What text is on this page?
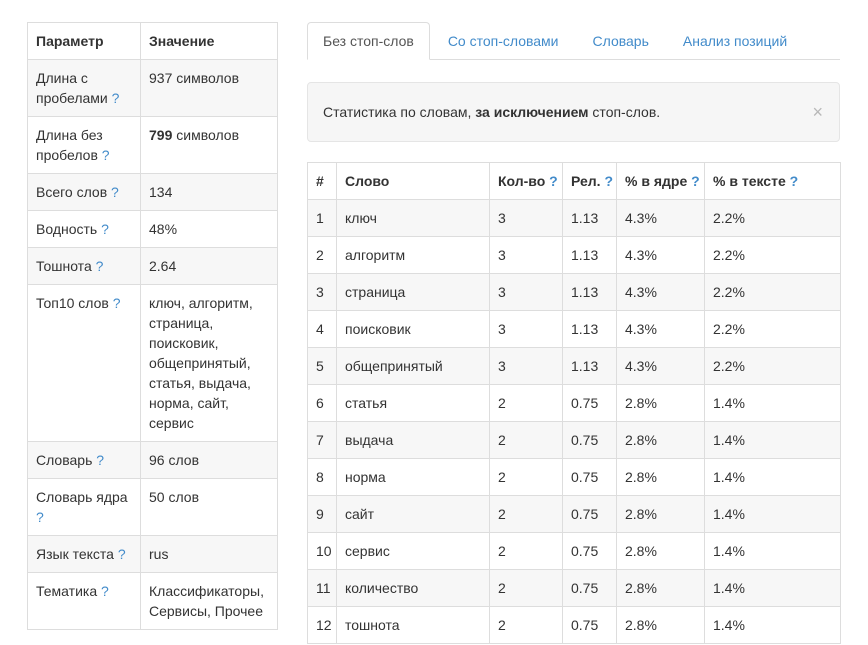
Параметр	Значение
Длина с пробелами ?	937 символов
Длина без пробелов ?	799 символов
Всего слов ?	134
Водность ?	48%
Тошнота ?	2.64
Топ10 слов ?	ключ, алгоритм, страница, поисковик, общепринятый, статья, выдача, норма, сайт, сервис
Словарь ?	96 слов
Словарь ядра ?	50 слов
Язык текста ?	rus
Тематика ?	Классификаторы, Сервисы, Прочее
Без стоп-слов	Со стоп-словами	Словарь	Анализ позиций
Статистика по словам, за исключением стоп-слов.	×
#	Слово	Кол-во ?	Рел. ?	% в ядре ?	% в тексте ?
1	ключ	3	1.13	4.3%	2.2%
2	алгоритм	3	1.13	4.3%	2.2%
3	страница	3	1.13	4.3%	2.2%
4	поисковик	3	1.13	4.3%	2.2%
5	общепринятый	3	1.13	4.3%	2.2%
6	статья	2	0.75	2.8%	1.4%
7	выдача	2	0.75	2.8%	1.4%
8	норма	2	0.75	2.8%	1.4%
9	сайт	2	0.75	2.8%	1.4%
10	сервис	2	0.75	2.8%	1.4%
11	количество	2	0.75	2.8%	1.4%
12	тошнота	2	0.75	2.8%	1.4%
